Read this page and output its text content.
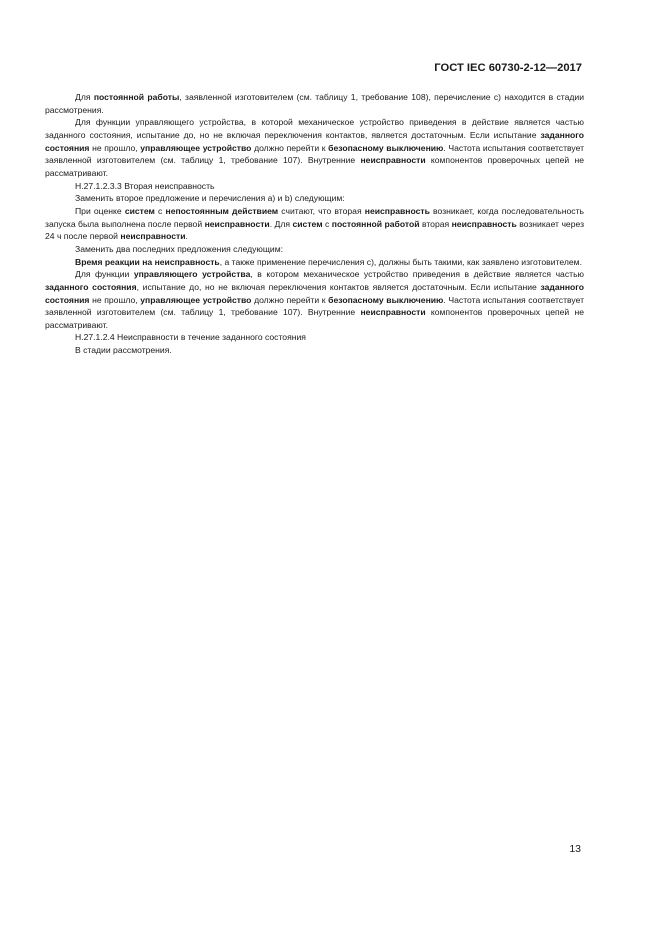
ГОСТ IEC 60730-2-12—2017

Для постоянной работы, заявленной изготовителем (см. таблицу 1, требование 108), перечисление с) находится в стадии рассмотрения.

Для функции управляющего устройства, в которой механическое устройство приведения в действие является частью заданного состояния, испытание до, но не включая переключения контактов, является достаточным. Если испытание заданного состояния не прошло, управляющее устройство должно перейти к безопасному выключению. Частота испытания соответствует заявленной изготовителем (см. таблицу 1, требование 107). Внутренние неисправности компонентов проверочных цепей не рассматривают.

Н.27.1.2.3.3 Вторая неисправность

Заменить второе предложение и перечисления а) и b) следующим:

При оценке систем с непостоянным действием считают, что вторая неисправность возникает, когда последовательность запуска была выполнена после первой неисправности. Для систем с постоянной работой вторая неисправность возникает через 24 ч после первой неисправности.

Заменить два последних предложения следующим:

Время реакции на неисправность, а также применение перечисления с), должны быть такими, как заявлено изготовителем.

Для функции управляющего устройства, в котором механическое устройство приведения в действие является частью заданного состояния, испытание до, но не включая переключения контактов является достаточным. Если испытание заданного состояния не прошло, управляющее устройство должно перейти к безопасному выключению. Частота испытания соответствует заявленной изготовителем (см. таблицу 1, требование 107). Внутренние неисправности компонентов проверочных цепей не рассматривают.

Н.27.1.2.4 Неисправности в течение заданного состояния

В стадии рассмотрения.

13
